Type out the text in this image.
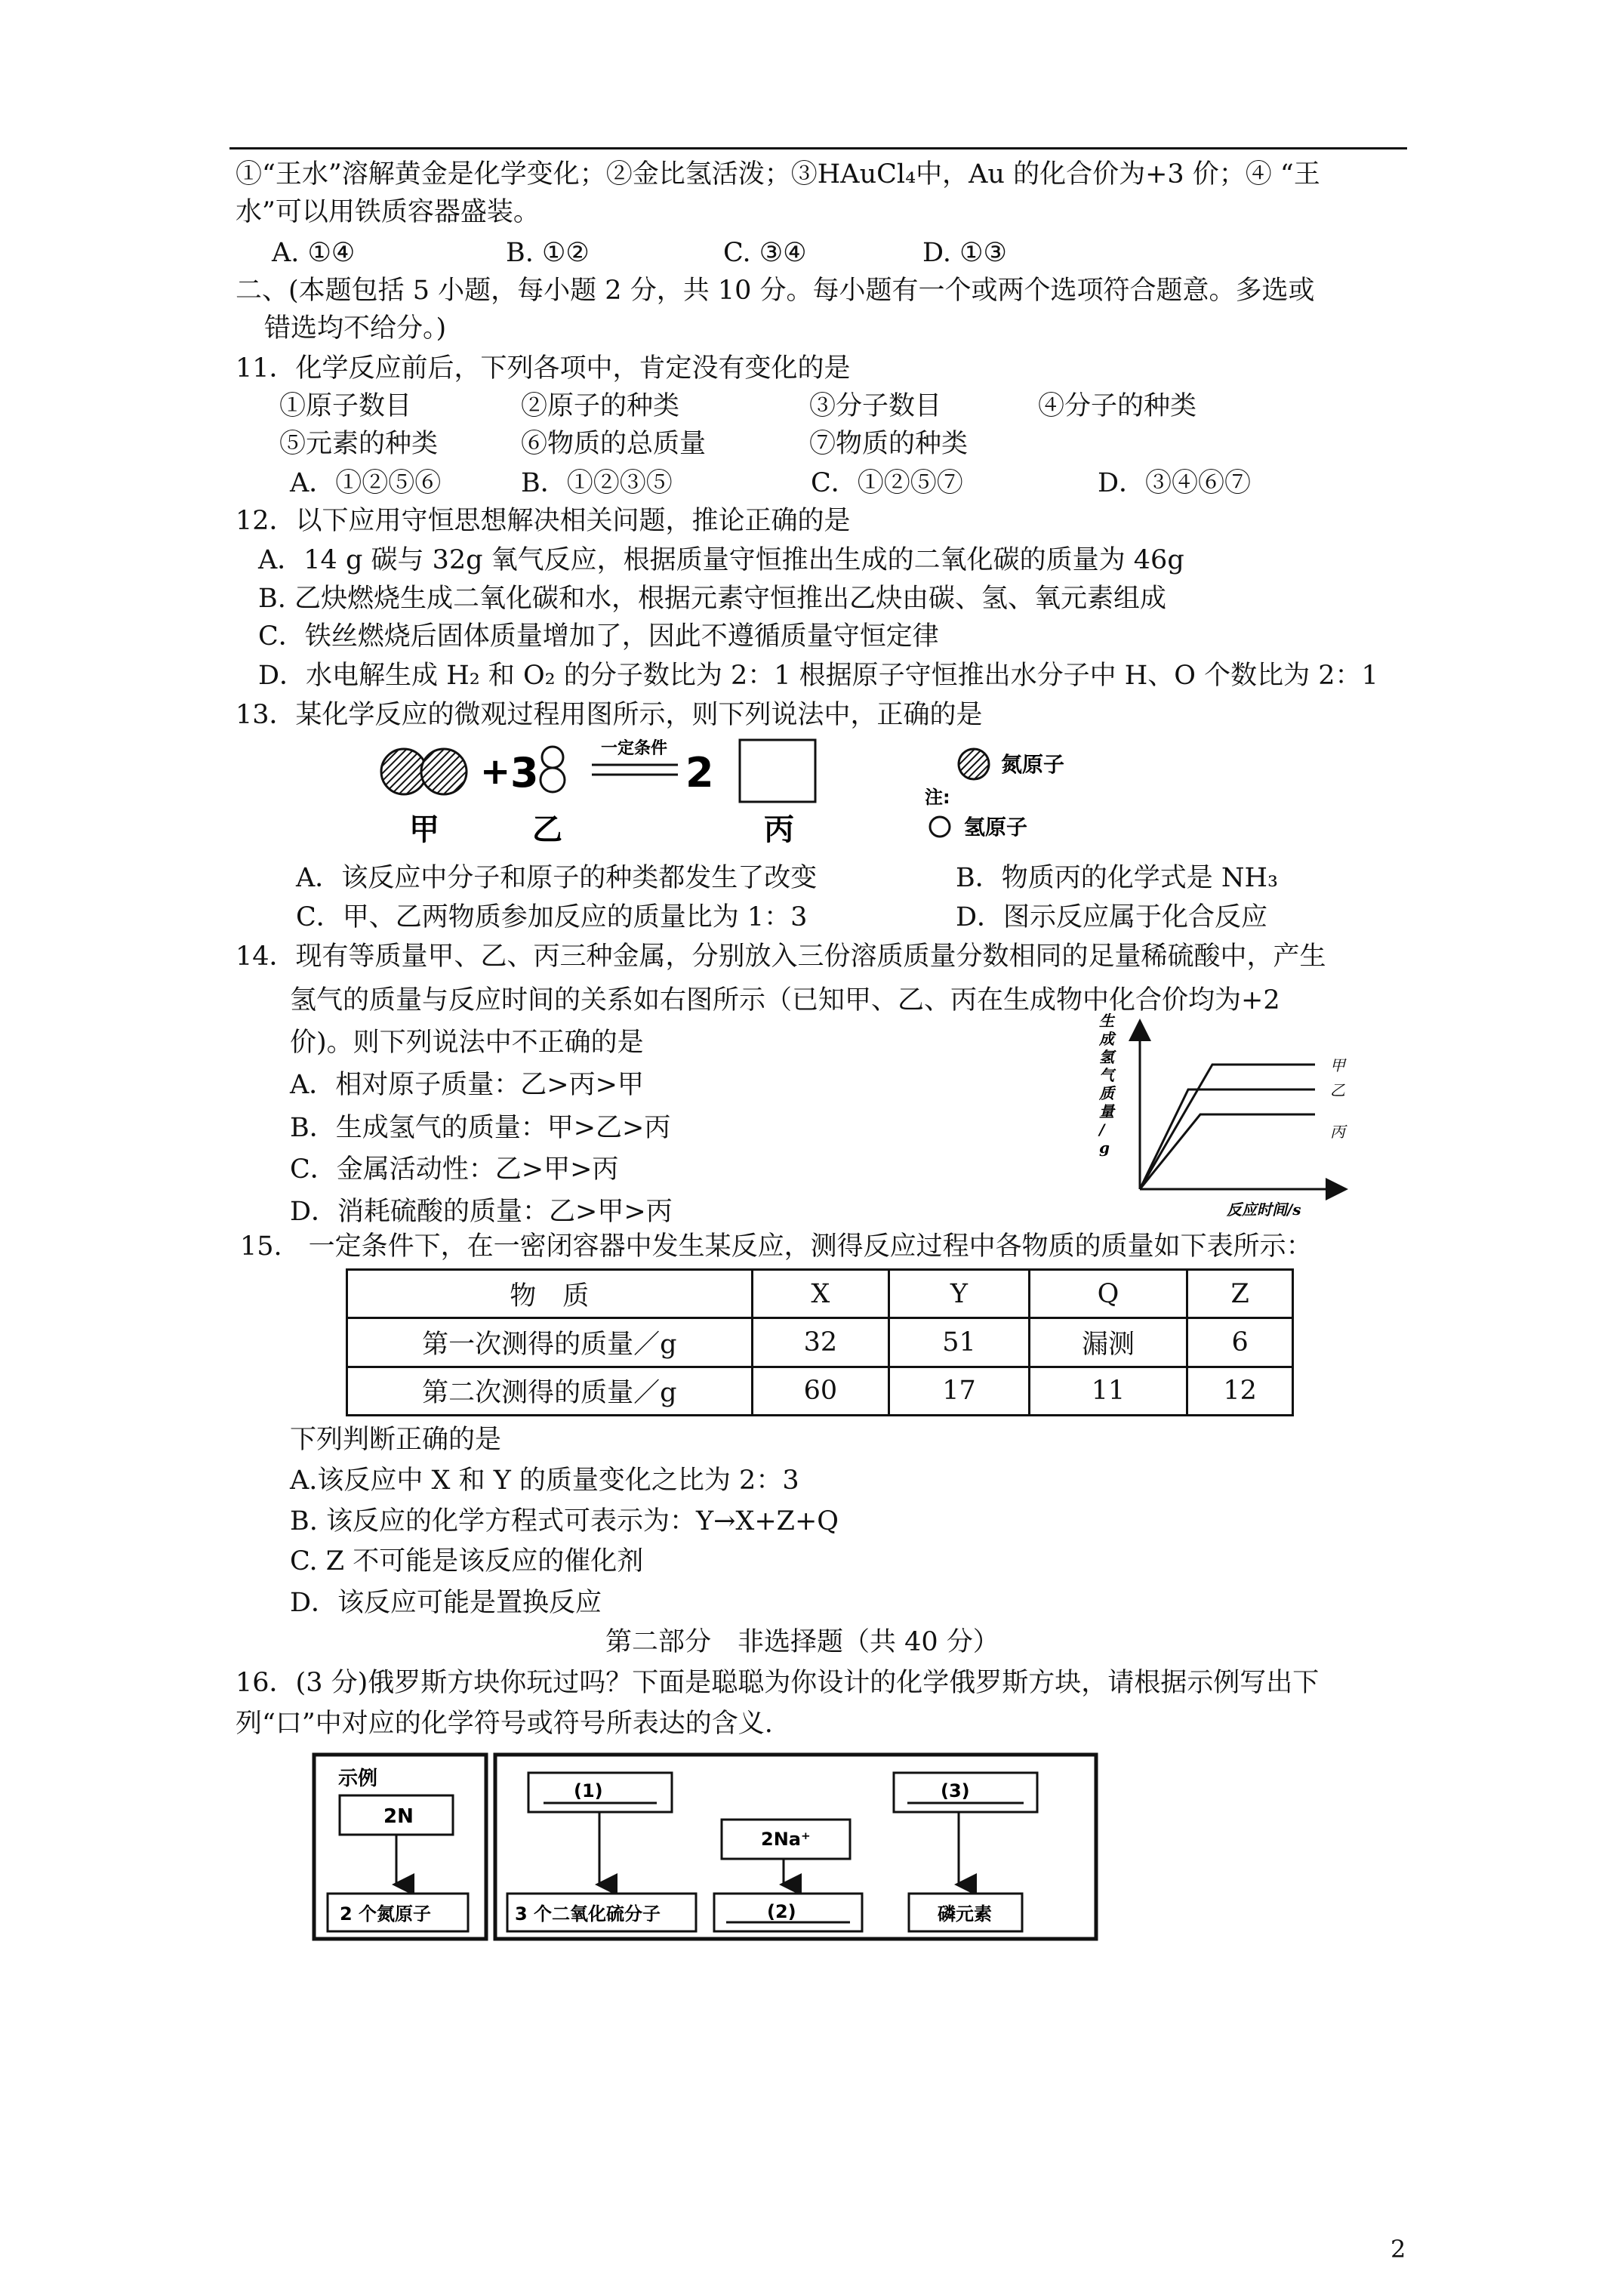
①“王水”溶解黄金是化学变化；②金比氢活泼；③HAuCl₄中，Au 的化合价为+3 价；④ “王
水”可以用铁质容器盛装。
A. ①④	B. ①②	C. ③④	D. ①③
二、(本题包括 5 小题，每小题 2 分，共 10 分。每小题有一个或两个选项符合题意。多选或
错选均不给分。)
11．化学反应前后，下列各项中，肯定没有变化的是
①原子数目	②原子的种类	③分子数目	④分子的种类
⑤元素的种类	⑥物质的总质量	⑦物质的种类
A．①②⑤⑥	B．①②③⑤	C．①②⑤⑦	D．③④⑥⑦
12．以下应用守恒思想解决相关问题，推论正确的是
A．14 g 碳与 32g 氧气反应，根据质量守恒推出生成的二氧化碳的质量为 46g
B. 乙炔燃烧生成二氧化碳和水，根据元素守恒推出乙炔由碳、氢、氧元素组成
C．铁丝燃烧后固体质量增加了，因此不遵循质量守恒定律
D．水电解生成 H₂ 和 O₂ 的分子数比为 2：1 根据原子守恒推出水分子中 H、O 个数比为 2：1
13．某化学反应的微观过程用图所示，则下列说法中，正确的是
+ 3
一定条件
2
甲	乙	丙
氮原子
注:
氢原子
A．该反应中分子和原子的种类都发生了改变	B．物质丙的化学式是 NH₃
C．甲、乙两物质参加反应的质量比为 1：3	D．图示反应属于化合反应
14．现有等质量甲、乙、丙三种金属，分别放入三份溶质质量分数相同的足量稀硫酸中，产生
氢气的质量与反应时间的关系如右图所示（已知甲、乙、丙在生成物中化合价均为+2
价)。则下列说法中不正确的是
A．相对原子质量：乙>丙>甲
B．生成氢气的质量：甲>乙>丙
C．金属活动性：乙>甲>丙
D．消耗硫酸的质量：乙>甲>丙
生
成
氢
气
质
量
/
g
反应时间/s
甲
乙
丙
15.　一定条件下，在一密闭容器中发生某反应，测得反应过程中各物质的质量如下表所示：
物　质	X	Y	Q	Z
第一次测得的质量／g	32	51	漏测	6
第二次测得的质量／g	60	17	11	12
下列判断正确的是
A.该反应中 X 和 Y 的质量变化之比为 2：3
B. 该反应的化学方程式可表示为：Y→X+Z+Q
C. Z 不可能是该反应的催化剂
D．该反应可能是置换反应
第二部分　非选择题（共 40 分）
16．(3 分)俄罗斯方块你玩过吗？下面是聪聪为你设计的化学俄罗斯方块，请根据示例写出下
列“口”中对应的化学符号或符号所表达的含义.
示例
2N
2 个氮原子
(1)
3 个二氧化硫分子
2Na⁺
(2)
(3)
磷元素
2
